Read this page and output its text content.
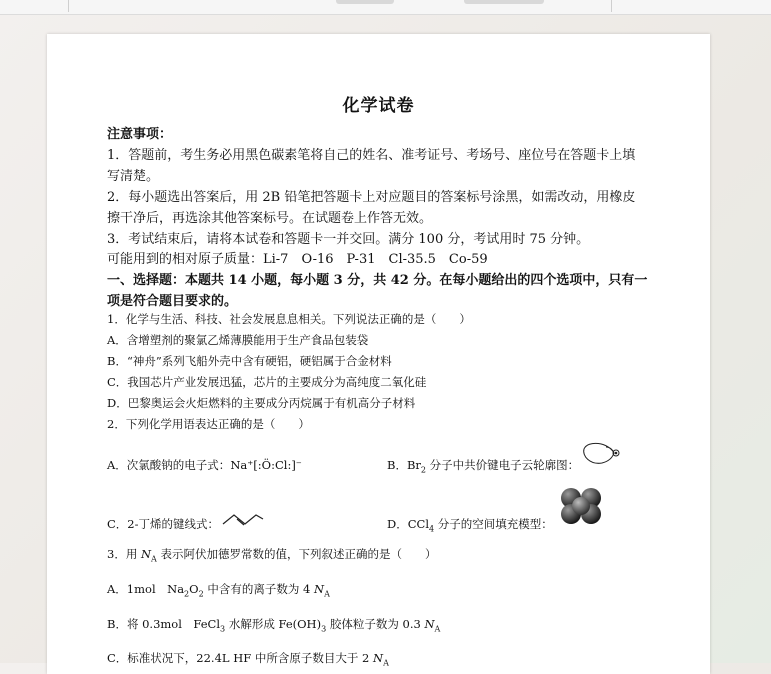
化学试卷
注意事项：
1．答题前，考生务必用黑色碳素笔将自己的姓名、准考证号、考场号、座位号在答题卡上填
写清楚。
2．每小题选出答案后，用 2B 铅笔把答题卡上对应题目的答案标号涂黑，如需改动，用橡皮
擦干净后，再选涂其他答案标号。在试题卷上作答无效。
3．考试结束后，请将本试卷和答题卡一并交回。满分 100 分，考试用时 75 分钟。
可能用到的相对原子质量：Li-7　O-16　P-31　Cl-35.5　Co-59
一、选择题：本题共 14 小题，每小题 3 分，共 42 分。在每小题给出的四个选项中，只有一
项是符合题目要求的。
1．化学与生活、科技、社会发展息息相关。下列说法正确的是（　　）
A．含增塑剂的聚氯乙烯薄膜能用于生产食品包装袋
B．“神舟”系列飞船外壳中含有硬铝，硬铝属于合金材料
C．我国芯片产业发展迅猛，芯片的主要成分为高纯度二氧化硅
D．巴黎奥运会火炬燃料的主要成分丙烷属于有机高分子材料
2．下列化学用语表达正确的是（　　）
A．次氯酸钠的电子式：Na⁺[:Ö:Cl:]⁻	B．$Br_2$ 分子中共价键电子云轮廓图：
C．2-丁烯的键线式：	D．CCl$_4$ 分子的空间填充模型：
3．用 $N_A$ 表示阿伏加德罗常数的值，下列叙述正确的是（　　）
A．1mol　$Na_2O_2$ 中含有的离子数为 4 $N_A$
B．将 0.3mol　FeCl$_3$ 水解形成 $Fe(OH)_3$ 胶体粒子数为 0.3 $N_A$
C．标准状况下，22.4L HF 中所含原子数目大于 2 $N_A$
